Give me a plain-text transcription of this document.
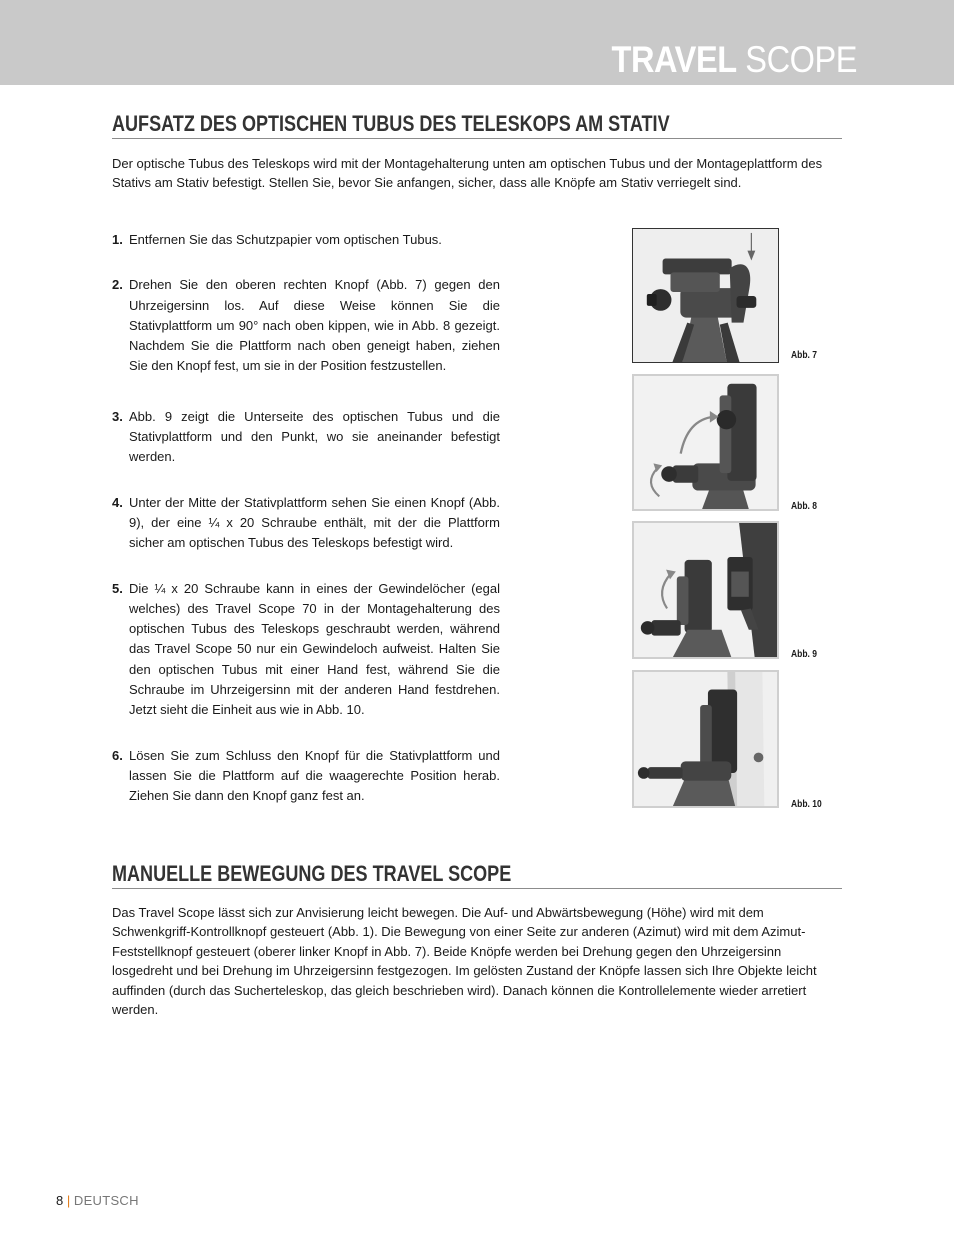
TRAVEL SCOPE
AUFSATZ DES OPTISCHEN TUBUS DES TELESKOPS AM STATIV

Der optische Tubus des Teleskops wird mit der Montagehalterung unten am optischen Tubus und der Montageplattform des Stativs am Stativ befestigt. Stellen Sie, bevor Sie anfangen, sicher, dass alle Knöpfe am Stativ verriegelt sind.

1. Entfernen Sie das Schutzpapier vom optischen Tubus.
2. Drehen Sie den oberen rechten Knopf (Abb. 7) gegen den Uhrzeigersinn los. Auf diese Weise können Sie die Stativplattform um 90° nach oben kippen, wie in Abb. 8 gezeigt. Nachdem Sie die Plattform nach oben geneigt haben, ziehen Sie den Knopf fest, um sie in der Position festzustellen.
3. Abb. 9 zeigt die Unterseite des optischen Tubus und die Stativplattform und den Punkt, wo sie aneinander befestigt werden.
4. Unter der Mitte der Stativplattform sehen Sie einen Knopf (Abb. 9), der eine ¼ x 20 Schraube enthält, mit der die Plattform sicher am optischen Tubus des Teleskops befestigt wird.
5. Die ¼ x 20 Schraube kann in eines der Gewindelöcher (egal welches) des Travel Scope 70 in der Montagehalterung des optischen Tubus des Teleskops geschraubt werden, während das Travel Scope 50 nur ein Gewindeloch aufweist. Halten Sie den optischen Tubus mit einer Hand fest, während Sie die Schraube im Uhrzeigersinn mit der anderen Hand festdrehen. Jetzt sieht die Einheit aus wie in Abb. 10.
6. Lösen Sie zum Schluss den Knopf für die Stativplattform und lassen Sie die Plattform auf die waagerechte Position herab. Ziehen Sie dann den Knopf ganz fest an.
Abb. 7
Abb. 8
Abb. 9
Abb. 10
MANUELLE BEWEGUNG DES TRAVEL SCOPE

Das Travel Scope lässt sich zur Anvisierung leicht bewegen. Die Auf- und Abwärtsbewegung (Höhe) wird mit dem Schwenkgriff-Kontrollknopf gesteuert (Abb. 1). Die Bewegung von einer Seite zur anderen (Azimut) wird mit dem Azimut-Feststellknopf gesteuert (oberer linker Knopf in Abb. 7). Beide Knöpfe werden bei Drehung gegen den Uhrzeigersinn losgedreht und bei Drehung im Uhrzeigersinn festgezogen. Im gelösten Zustand der Knöpfe lassen sich Ihre Objekte leicht auffinden (durch das Sucherteleskop, das gleich beschrieben wird). Danach können die Kontrollelemente wieder arretiert werden.

8 | DEUTSCH
